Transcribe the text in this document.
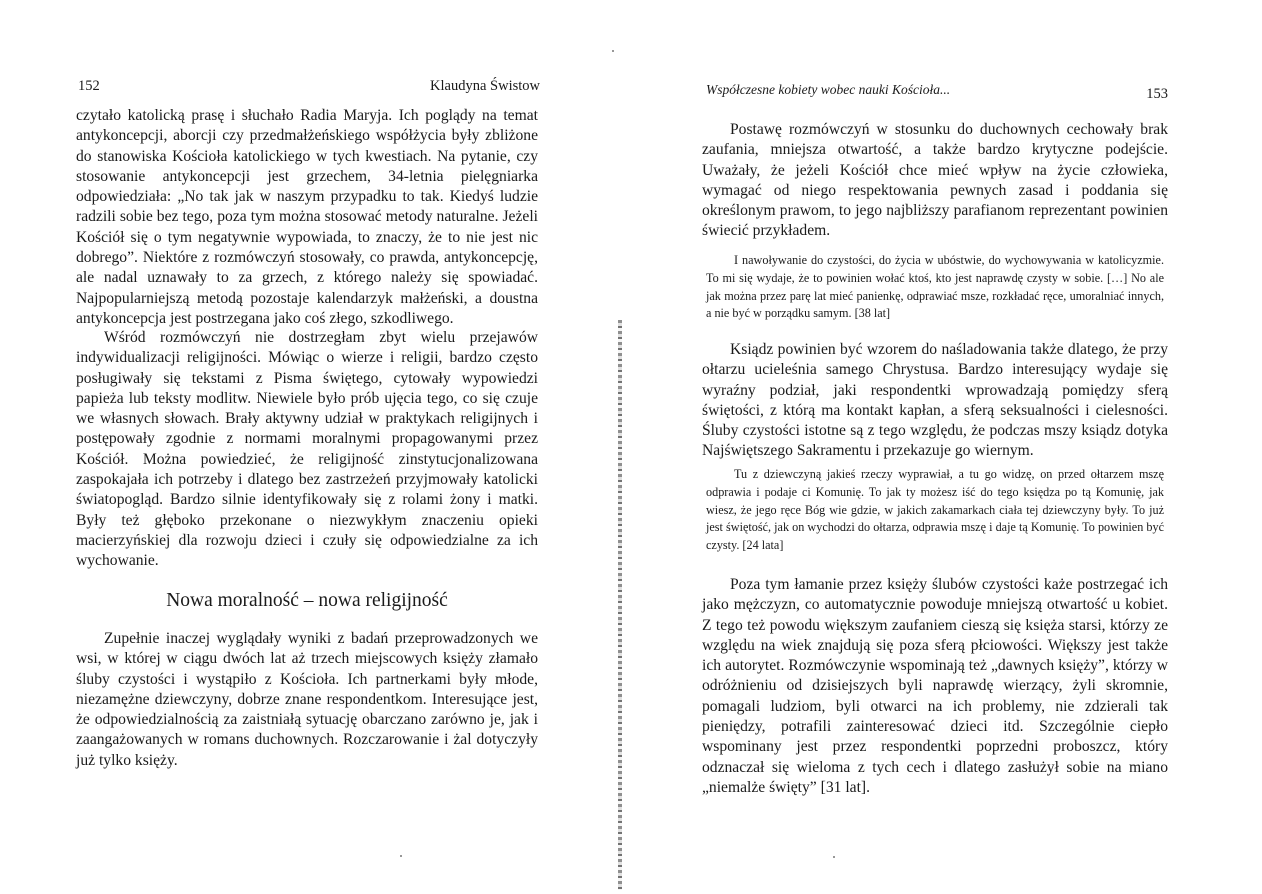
152	Klaudyna Świstow

czytało katolicką prasę i słuchało Radia Maryja. Ich poglądy na temat antykoncepcji, aborcji czy przedmałżeńskiego współżycia były zbliżone do stanowiska Kościoła katolickiego w tych kwestiach. Na pytanie, czy stosowanie antykoncepcji jest grzechem, 34-letnia pielęgniarka odpowiedziała: „No tak jak w naszym przypadku to tak. Kiedyś ludzie radzili sobie bez tego, poza tym można stosować metody naturalne. Jeżeli Kościół się o tym negatywnie wypowiada, to znaczy, że to nie jest nic dobrego”. Niektóre z rozmówczyń stosowały, co prawda, antykoncepcję, ale nadal uznawały to za grzech, z którego należy się spowiadać. Najpopularniejszą metodą pozostaje kalendarzyk małżeński, a doustna antykoncepcja jest postrzegana jako coś złego, szkodliwego.

Wśród rozmówczyń nie dostrzegłam zbyt wielu przejawów indywidualizacji religijności. Mówiąc o wierze i religii, bardzo często posługiwały się tekstami z Pisma świętego, cytowały wypowiedzi papieża lub teksty modlitw. Niewiele było prób ujęcia tego, co się czuje we własnych słowach. Brały aktywny udział w praktykach religijnych i postępowały zgodnie z normami moralnymi propagowanymi przez Kościół. Można powiedzieć, że religijność zinstytucjonalizowana zaspokajała ich potrzeby i dlatego bez zastrzeżeń przyjmowały katolicki światopogląd. Bardzo silnie identyfikowały się z rolami żony i matki. Były też głęboko przekonane o niezwykłym znaczeniu opieki macierzyńskiej dla rozwoju dzieci i czuły się odpowiedzialne za ich wychowanie.

Nowa moralność – nowa religijność

Zupełnie inaczej wyglądały wyniki z badań przeprowadzonych we wsi, w której w ciągu dwóch lat aż trzech miejscowych księży złamało śluby czystości i wystąpiło z Kościoła. Ich partnerkami były młode, niezamężne dziewczyny, dobrze znane respondentkom. Interesujące jest, że odpowiedzialnością za zaistniałą sytuację obarczano zarówno je, jak i zaangażowanych w romans duchownych. Rozczarowanie i żal dotyczyły już tylko księży.

Współczesne kobiety wobec nauki Kościoła...	153

Postawę rozmówczyń w stosunku do duchownych cechowały brak zaufania, mniejsza otwartość, a także bardzo krytyczne podejście. Uważały, że jeżeli Kościół chce mieć wpływ na życie człowieka, wymagać od niego respektowania pewnych zasad i poddania się określonym prawom, to jego najbliższy parafianom reprezentant powinien świecić przykładem.

I nawoływanie do czystości, do życia w ubóstwie, do wychowywania w katolicyzmie. To mi się wydaje, że to powinien wołać ktoś, kto jest naprawdę czysty w sobie. […] No ale jak można przez parę lat mieć panienkę, odprawiać msze, rozkładać ręce, umoralniać innych, a nie być w porządku samym. [38 lat]

Ksiądz powinien być wzorem do naśladowania także dlatego, że przy ołtarzu ucieleśnia samego Chrystusa. Bardzo interesujący wydaje się wyraźny podział, jaki respondentki wprowadzają pomiędzy sferą świętości, z którą ma kontakt kapłan, a sferą seksualności i cielesności. Śluby czystości istotne są z tego względu, że podczas mszy ksiądz dotyka Najświętszego Sakramentu i przekazuje go wiernym.

Tu z dziewczyną jakieś rzeczy wyprawiał, a tu go widzę, on przed ołtarzem mszę odprawia i podaje ci Komunię. To jak ty możesz iść do tego księdza po tą Komunię, jak wiesz, że jego ręce Bóg wie gdzie, w jakich zakamarkach ciała tej dziewczyny były. To już jest świętość, jak on wychodzi do ołtarza, odprawia mszę i daje tą Komunię. To powinien być czysty. [24 lata]

Poza tym łamanie przez księży ślubów czystości każe postrzegać ich jako mężczyzn, co automatycznie powoduje mniejszą otwartość u kobiet. Z tego też powodu większym zaufaniem cieszą się księża starsi, którzy ze względu na wiek znajdują się poza sferą płciowości. Większy jest także ich autorytet. Rozmówczynie wspominają też „dawnych księży”, którzy w odróżnieniu od dzisiejszych byli naprawdę wierzący, żyli skromnie, pomagali ludziom, byli otwarci na ich problemy, nie zdzierali tak pieniędzy, potrafili zainteresować dzieci itd. Szczególnie ciepło wspominany jest przez respondentki poprzedni proboszcz, który odznaczał się wieloma z tych cech i dlatego zasłużył sobie na miano „niemalże święty” [31 lat].
